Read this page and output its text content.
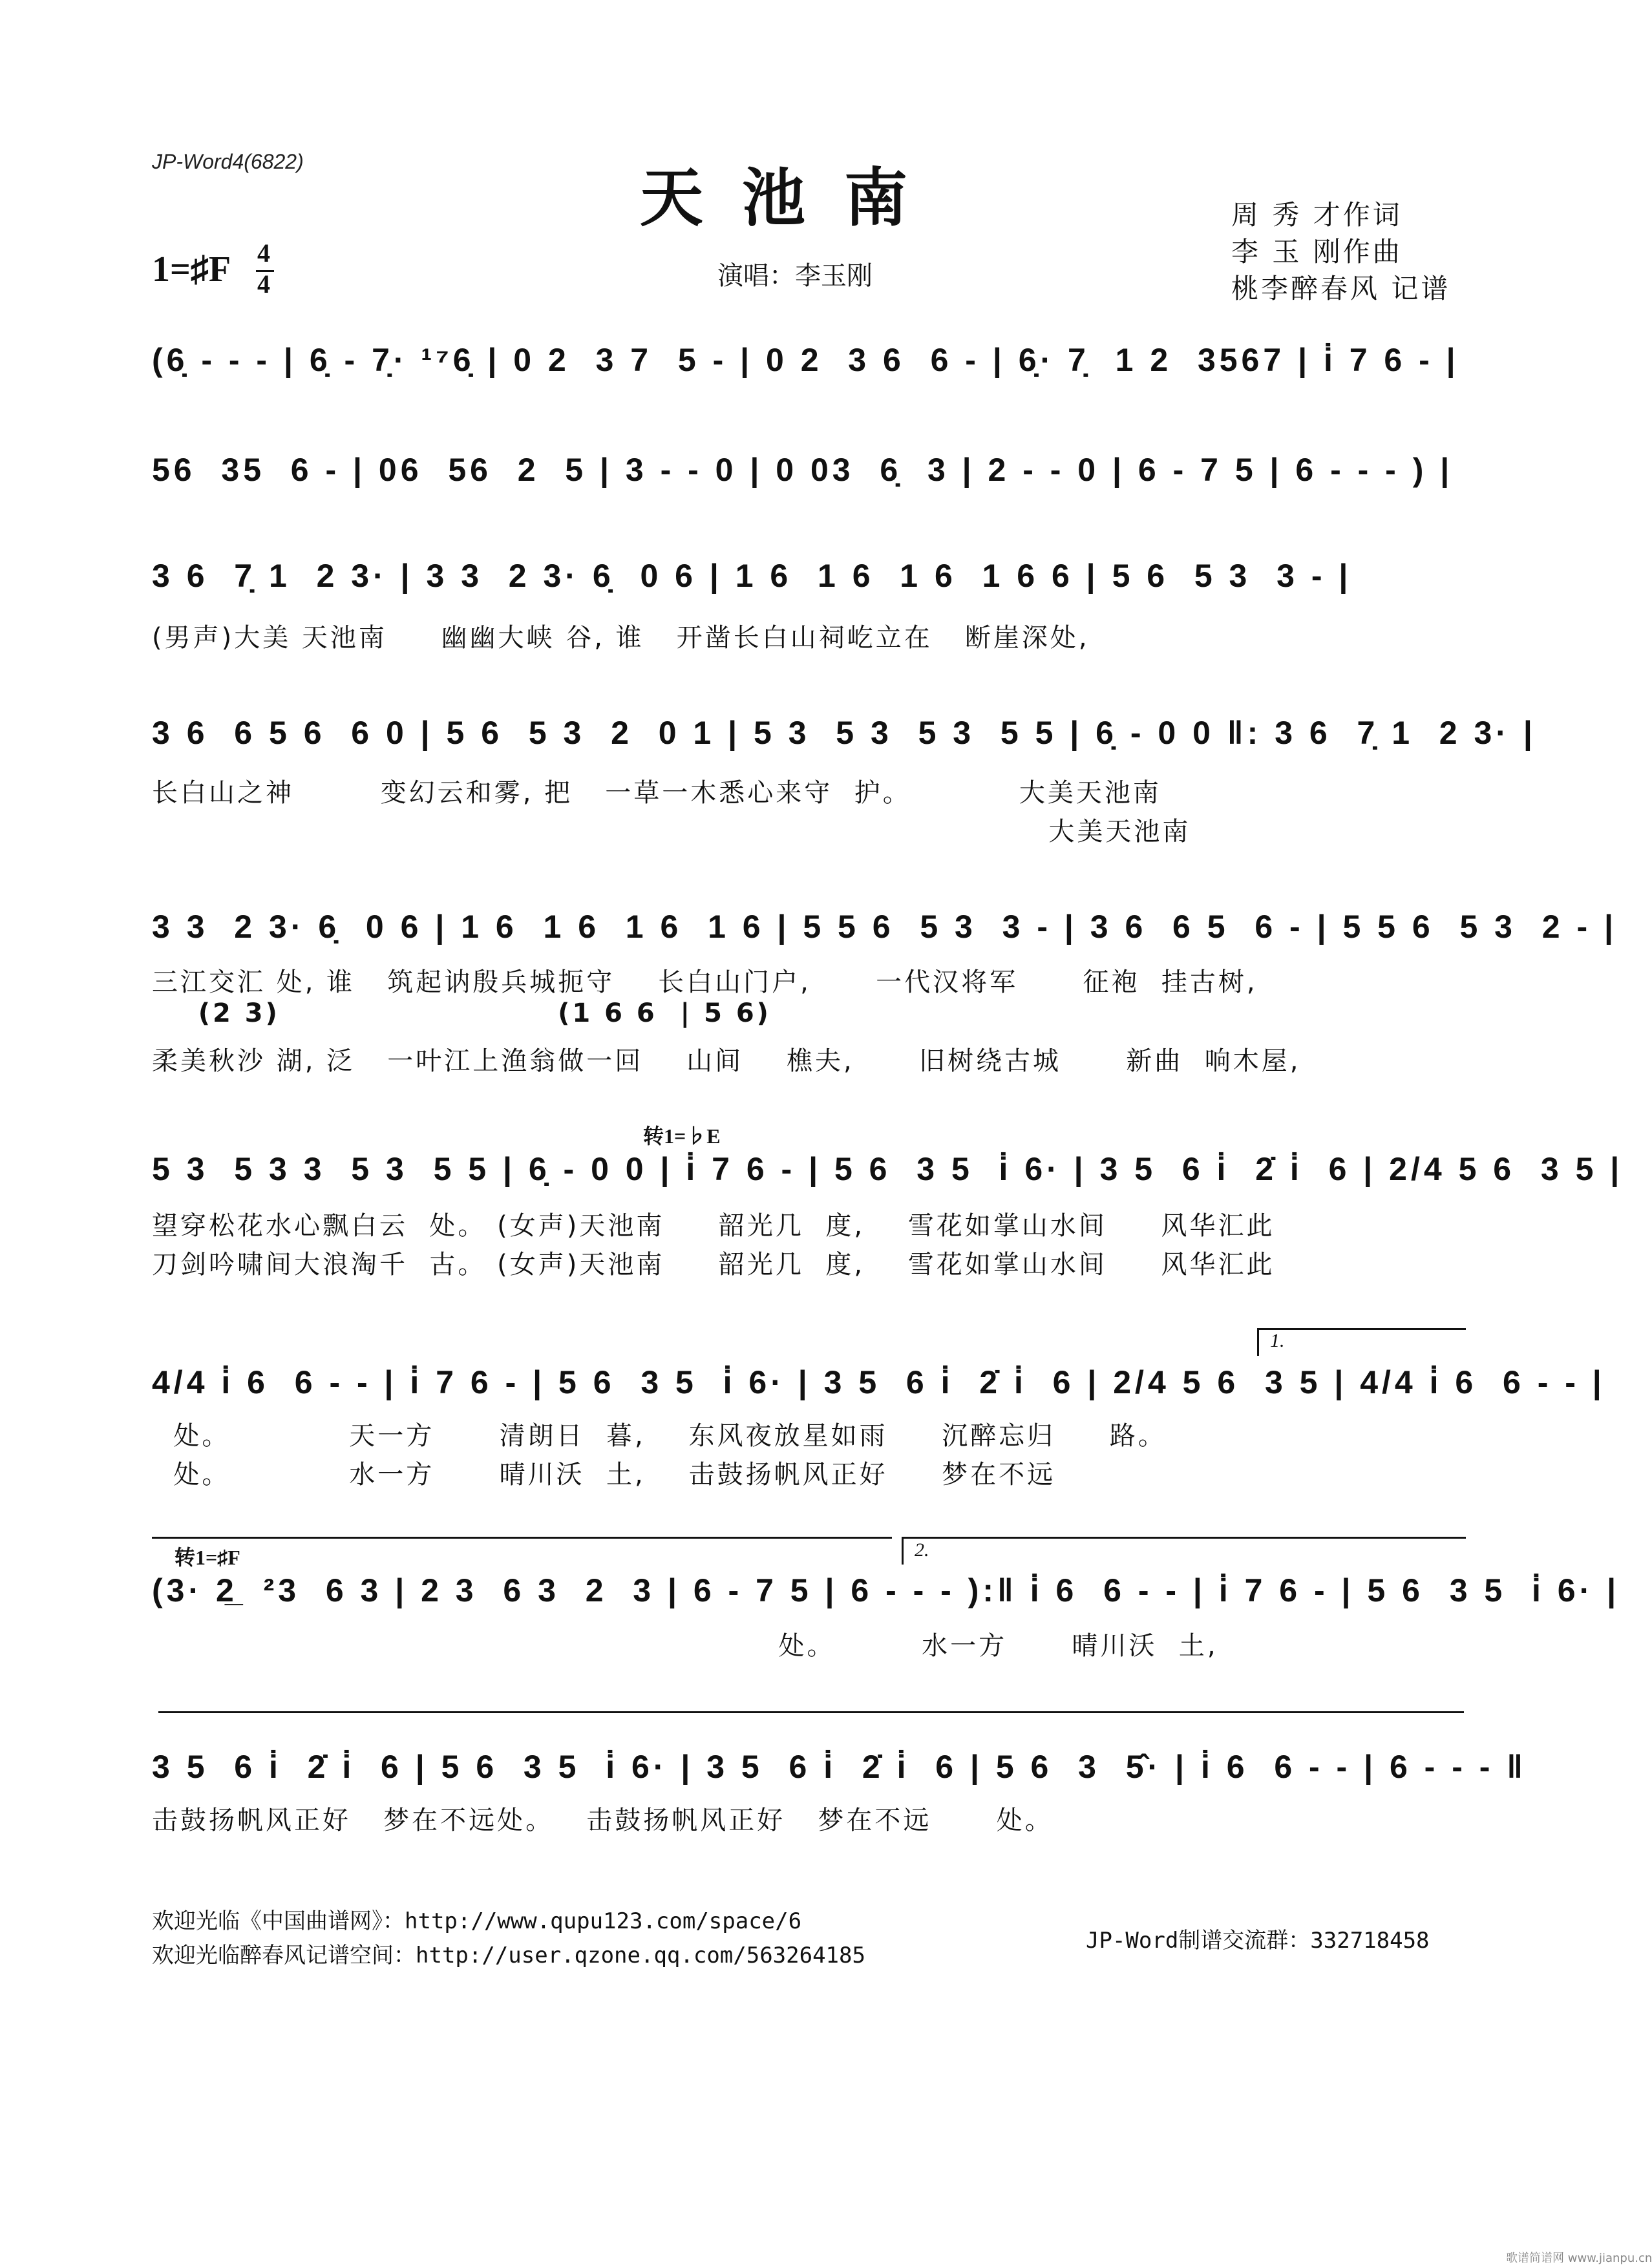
JP-Word4(6822)	天池南
演唱：李玉刚
周 秀 才作词
李 玉 刚作曲
桃李醉春风 记谱
1=♯F 4
4
(6̣ - - - | 6̣ - 7̣· ¹⁷6̣ | 0 2  3 7  5 - | 0 2  3 6  6 - | 6̣· 7̣  1 2  3567 | i̇ 7 6 - |
56  35  6 - | 06  56  2  5 | 3 - - 0 | 0 03  6̣  3 | 2 - - 0 | 6 - 7 5 | 6 - - - ) |
3 6  7̣ 1  2 3· | 3 3  2 3· 6̣  0 6 | 1 6  1 6  1 6  1 6 6 | 5 6  5 3  3 - |
(男声)大美 天池南     幽幽大峡 谷, 谁   开凿长白山祠屹立在   断崖深处,
3 6  6 5 6  6 0 | 5 6  5 3  2  0 1 | 5 3  5 3  5 3  5 5 | 6̣ - 0 0 ‖: 3 6  7̣ 1  2 3· |
长白山之神        变幻云和雾, 把   一草一木悉心来守  护。          大美天池南
大美天池南
3 3  2 3· 6̣  0 6 | 1 6  1 6  1 6  1 6 | 5 5 6  5 3  3 - | 3 6  6 5  6 - | 5 5 6  5 3  2 - |
三江交汇 处, 谁   筑起讷殷兵城扼守    长白山门户,      一代汉将军      征袍  挂古树,
(2 3)                        (1 6 6  | 5 6)
柔美秋沙 湖, 泛   一叶江上渔翁做一回    山间    樵夫,      旧树绕古城      新曲  响木屋,
转1=♭E
5 3  5 3 3  5 3  5 5 | 6̣ - 0 0 | i̇ 7 6 - | 5 6  3 5  i̇ 6· | 3 5  6 i̇  2̇ i̇  6 | 2/4 5 6  3 5 |
望穿松花水心飘白云  处。 (女声)天池南     韶光几  度,    雪花如掌山水间     风华汇此
刀剑吟啸间大浪淘千  古。 (女声)天池南     韶光几  度,    雪花如掌山水间     风华汇此
1.
4/4 i̇ 6  6 - - | i̇ 7 6 - | 5 6  3 5  i̇ 6· | 3 5  6 i̇  2̇ i̇  6 | 2/4 5 6  3 5 | 4/4 i̇ 6  6 - - |
处。           天一方      清朗日  暮,    东风夜放星如雨     沉醉忘归     路。
处。           水一方      晴川沃  土,    击鼓扬帆风正好     梦在不远
转1=♯F	2.
(3· 2̲  ²3  6 3 | 2 3  6 3  2  3 | 6 - 7 5 | 6 - - - ):‖ i̇ 6  6 - - | i̇ 7 6 - | 5 6  3 5  i̇ 6· |
处。        水一方      晴川沃  土,
3 5  6 i̇  2̇ i̇  6 | 5 6  3 5  i̇ 6· | 3 5  6 i̇  2̇ i̇  6 | 5 6  3  5̂· | i̇ 6  6 - - | 6 - - - ‖
击鼓扬帆风正好   梦在不远处。   击鼓扬帆风正好   梦在不远      处。
欢迎光临《中国曲谱网》：http://www.qupu123.com/space/6
欢迎光临醉春风记谱空间：http://user.qzone.qq.com/563264185
JP-Word制谱交流群：332718458
歌谱简谱网 www.jianpu.cn
